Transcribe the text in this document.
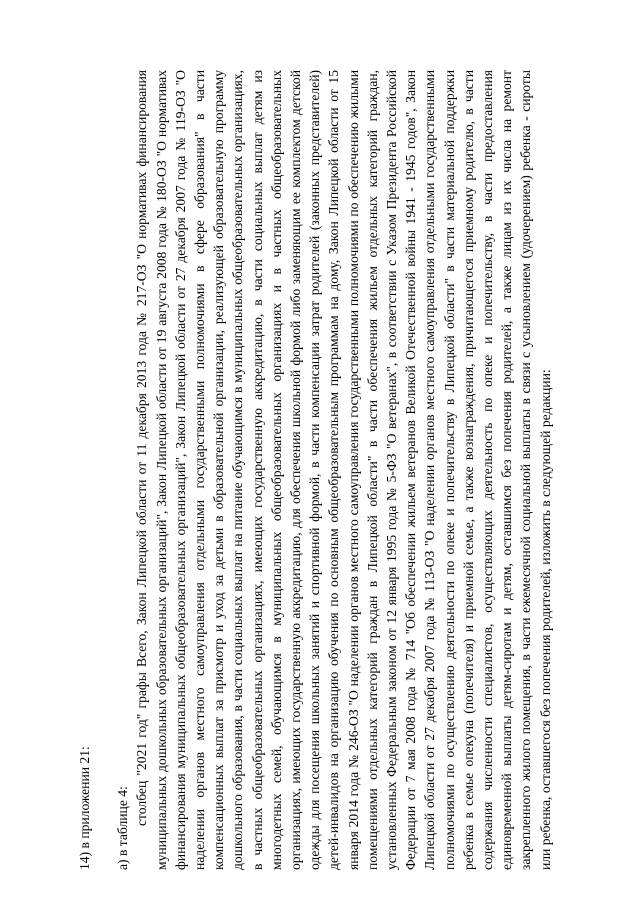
14) в приложении 21: а) в таблице 4:

столбец "2021 год" графы Всего, Закон Липецкой области от 11 декабря 2013 года № 217-ОЗ "О нормативах финансирования муниципальных дошкольных образовательных организаций", Закон Липецкой области от 19 августа 2008 года № 180-ОЗ "О нормативах финансирования муниципальных общеобразовательных организаций", Закон Липецкой области от 27 декабря 2007 года № 119-ОЗ "О наделении органов местного самоуправления отдельными государственными полномочиями в сфере образования" в части компенсационных выплат за присмотр и уход за детьми в образовательной организации, реализующей образовательную программу дошкольного образования, в части социальных выплат на питание обучающимся в муниципальных общеобразовательных организациях, в частных общеобразовательных организациях, имеющих государственную аккредитацию, в части социальных выплат детям из многодетных семей, обучающимся в муниципальных общеобразовательных организациях и в частных общеобразовательных организациях, имеющих государственную аккредитацию, для обеспечения школьной формой либо заменяющим ее комплектом детской одежды для посещения школьных занятий и спортивной формой, в части компенсации затрат родителей (законных представителей) детей-инвалидов на организацию обучения по основным общеобразовательным программам на дому, Закон Липецкой области от 15 января 2014 года № 246-ОЗ "О наделении органов местного самоуправления государственными полномочиями по обеспечению жилыми помещениями отдельных категорий граждан в Липецкой области" в части обеспечения жильем отдельных категорий граждан, установленных Федеральным законом от 12 января 1995 года № 5-ФЗ "О ветеранах", в соответствии с Указом Президента Российской Федерации от 7 мая 2008 года № 714 "Об обеспечении жильем ветеранов Великой Отечественной войны 1941 - 1945 годов", Закон Липецкой области от 27 декабря 2007 года № 113-ОЗ "О наделении органов местного самоуправления отдельными государственными полномочиями по осуществлению деятельности по опеке и попечительству в Липецкой области" в части материальной поддержки ребенка в семье опекуна (попечителя) и приемной семье, а также вознаграждения, причитающегося приемному родителю, в части содержания численности специалистов, осуществляющих деятельность по опеке и попечительству, в части предоставления единовременной выплаты детям-сиротам и детям, оставшимся без попечения родителей, а также лицам из их числа на ремонт закрепленного жилого помещения, в части ежемесячной социальной выплаты в связи с усыновлением (удочерением) ребенка - сироты или ребенка, оставшегося без попечения родителей, изложить в следующей редакции:
